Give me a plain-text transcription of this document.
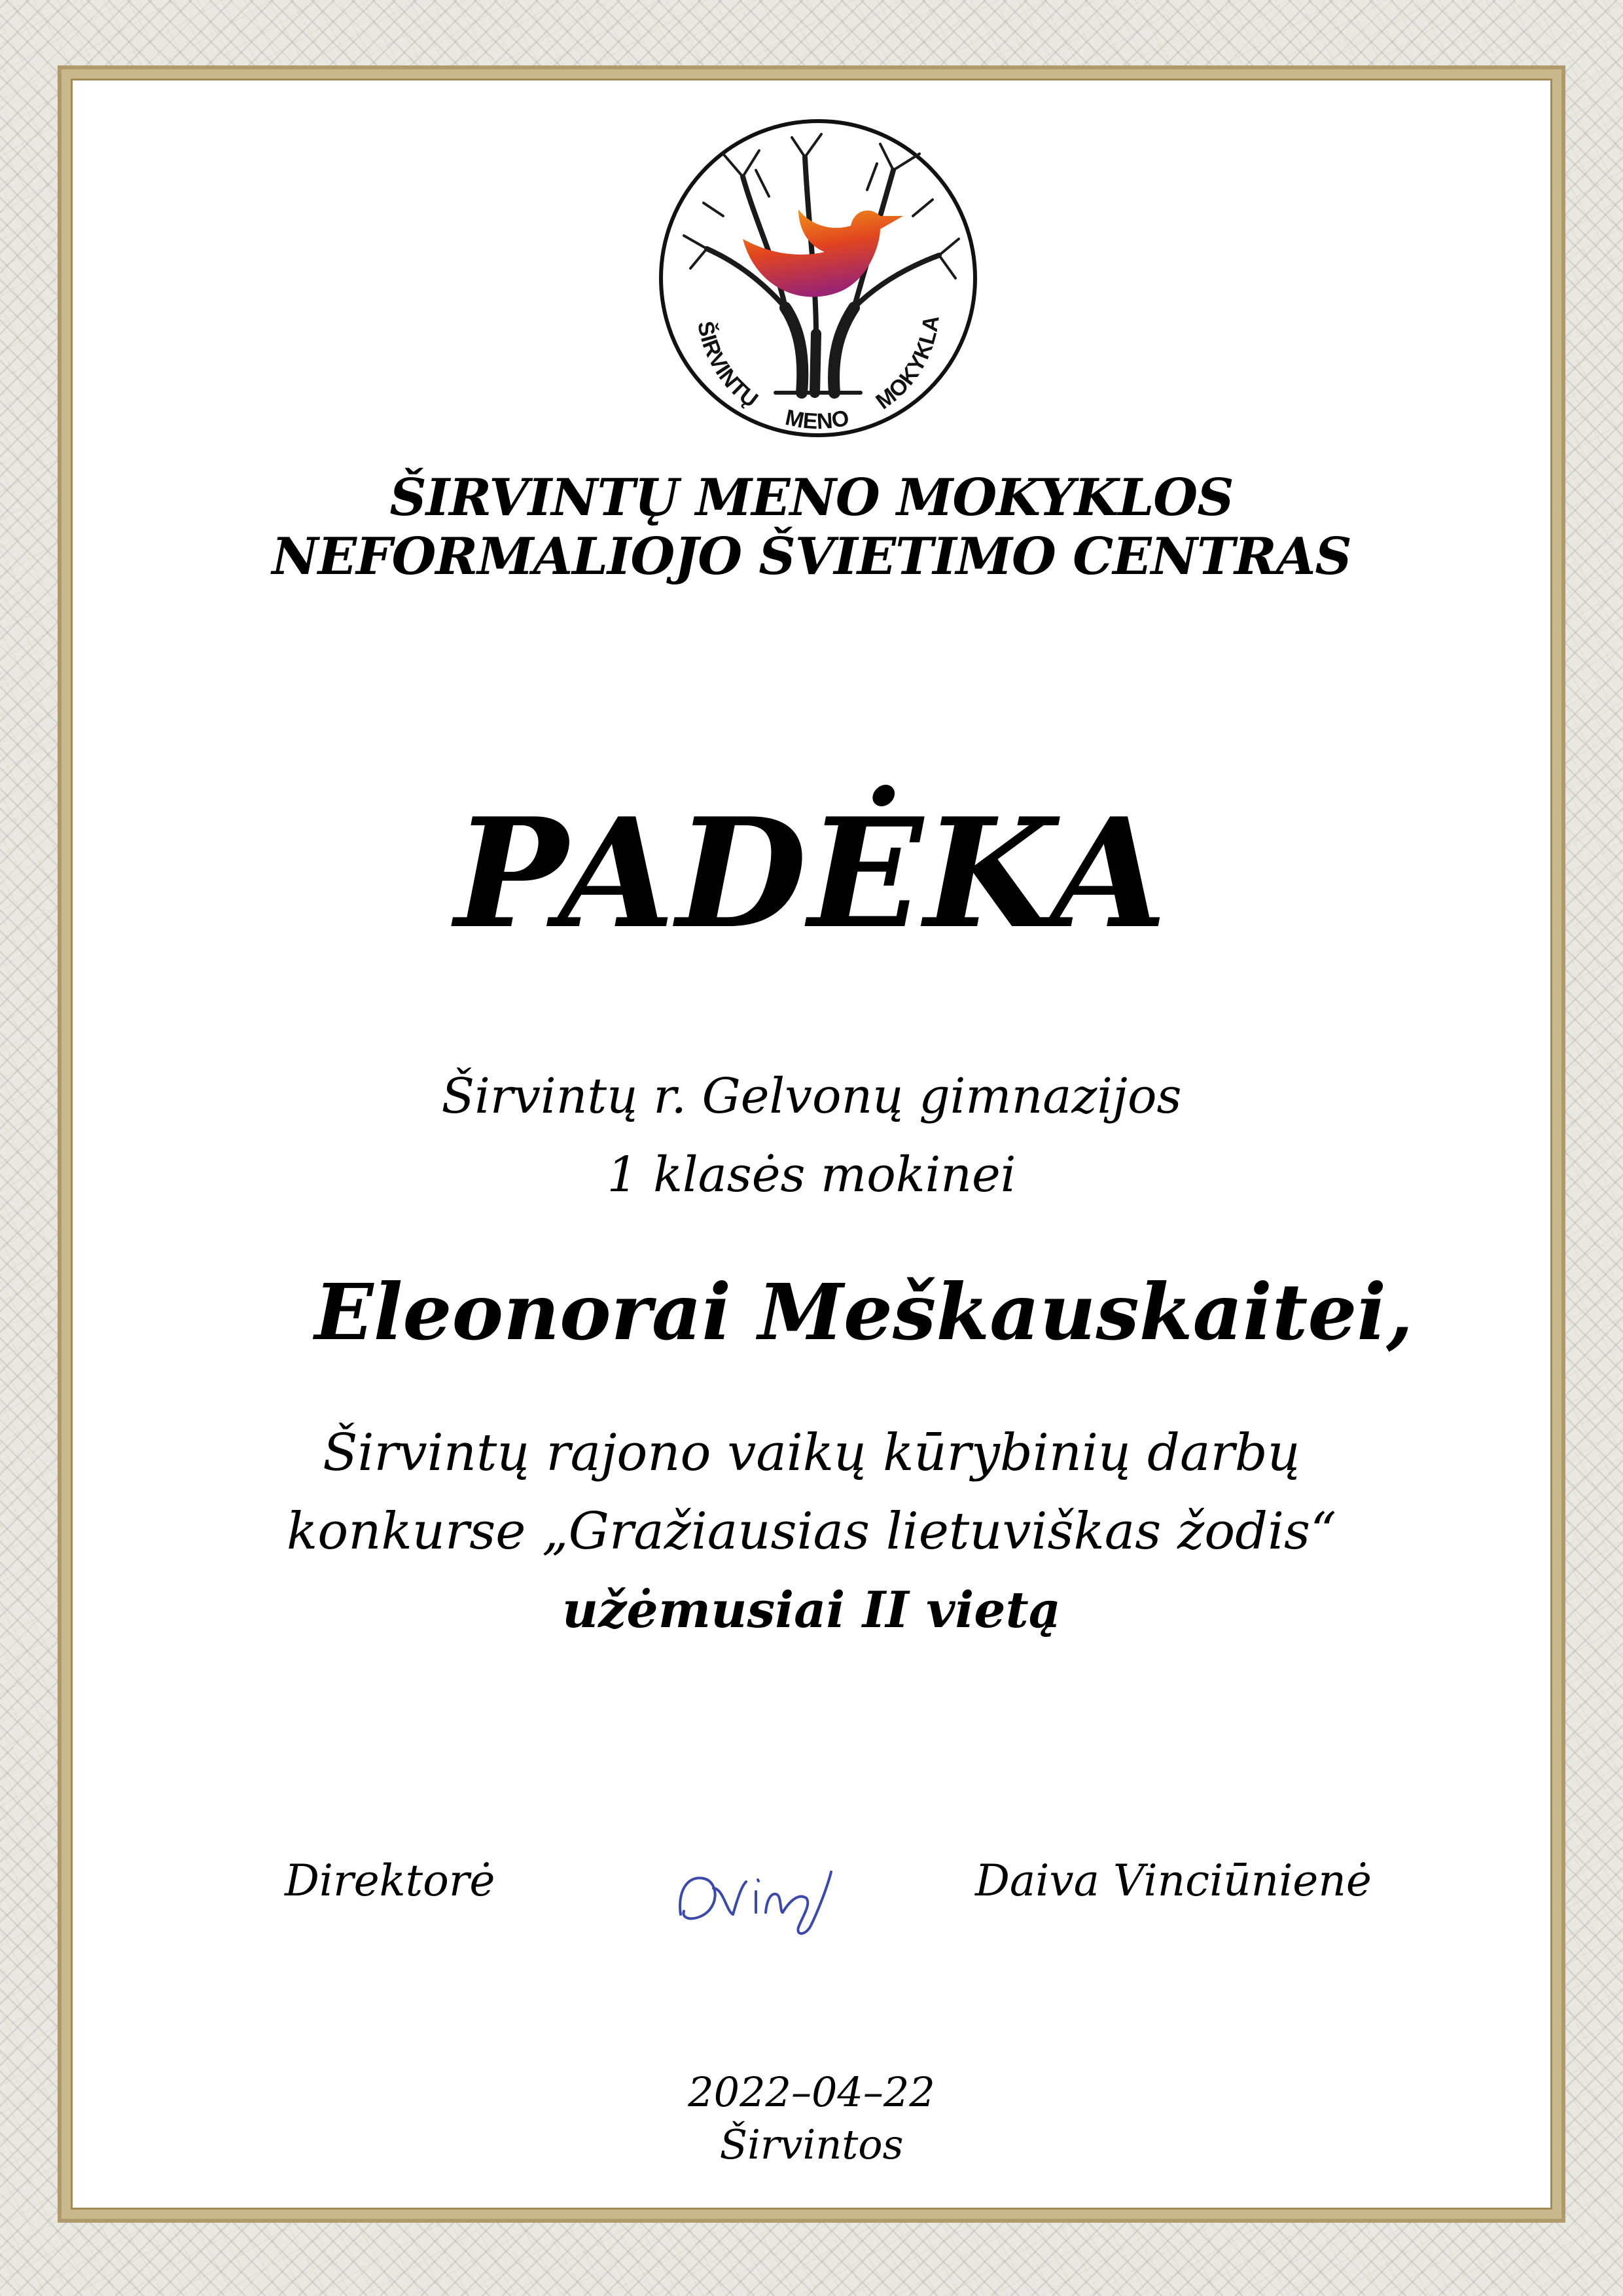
ŠIRVINTŲ
MENO
MOKYKLA
ŠIRVINTŲ MENO MOKYKLOS
NEFORMALIOJO ŠVIETIMO CENTRAS
PADĖKA
Širvintų r. Gelvonų gimnazijos
1 klasės mokinei
Eleonorai Meškauskaitei,
Širvintų rajono vaikų kūrybinių darbų
konkurse „Gražiausias lietuviškas žodis“
užėmusiai II vietą
Direktorė	Daiva Vinciūnienė
2022–04–22
Širvintos
